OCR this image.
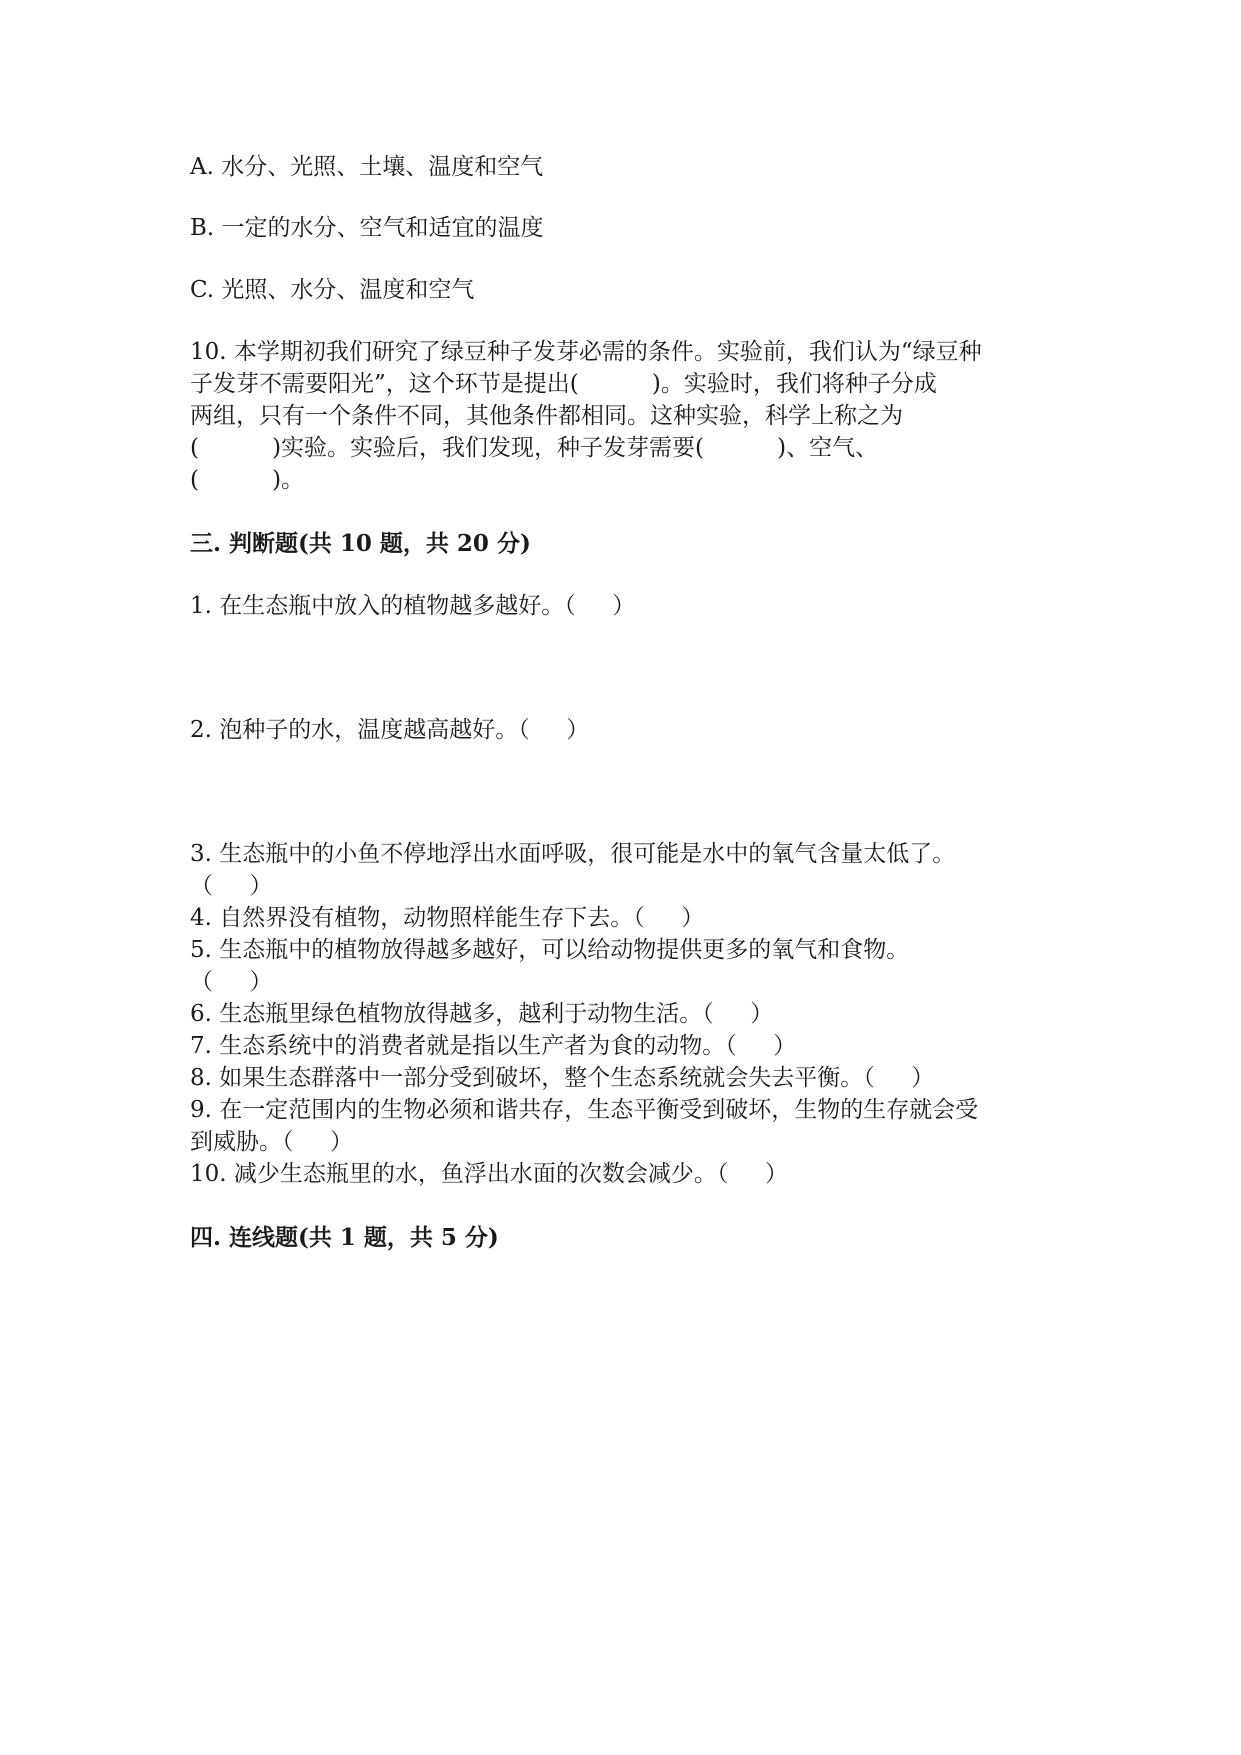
A. 水分、光照、土壤、温度和空气
B. 一定的水分、空气和适宜的温度
C. 光照、水分、温度和空气
10. 本学期初我们研究了绿豆种子发芽必需的条件。实验前，我们认为“绿豆种
子发芽不需要阳光”，这个环节是提出(          )。实验时，我们将种子分成
两组，只有一个条件不同，其他条件都相同。这种实验，科学上称之为
(          )实验。实验后，我们发现，种子发芽需要(          )、空气、
(          )。
三. 判断题(共 10 题，共 20 分)
1. 在生态瓶中放入的植物越多越好。（     ）
2. 泡种子的水，温度越高越好。（     ）
3. 生态瓶中的小鱼不停地浮出水面呼吸，很可能是水中的氧气含量太低了。
（     ）
4. 自然界没有植物，动物照样能生存下去。（     ）
5. 生态瓶中的植物放得越多越好，可以给动物提供更多的氧气和食物。
（     ）
6. 生态瓶里绿色植物放得越多，越利于动物生活。（     ）
7. 生态系统中的消费者就是指以生产者为食的动物。（     ）
8. 如果生态群落中一部分受到破坏，整个生态系统就会失去平衡。（     ）
9. 在一定范围内的生物必须和谐共存，生态平衡受到破坏，生物的生存就会受
到威胁。（     ）
10. 减少生态瓶里的水，鱼浮出水面的次数会减少。（     ）
四. 连线题(共 1 题，共 5 分)
